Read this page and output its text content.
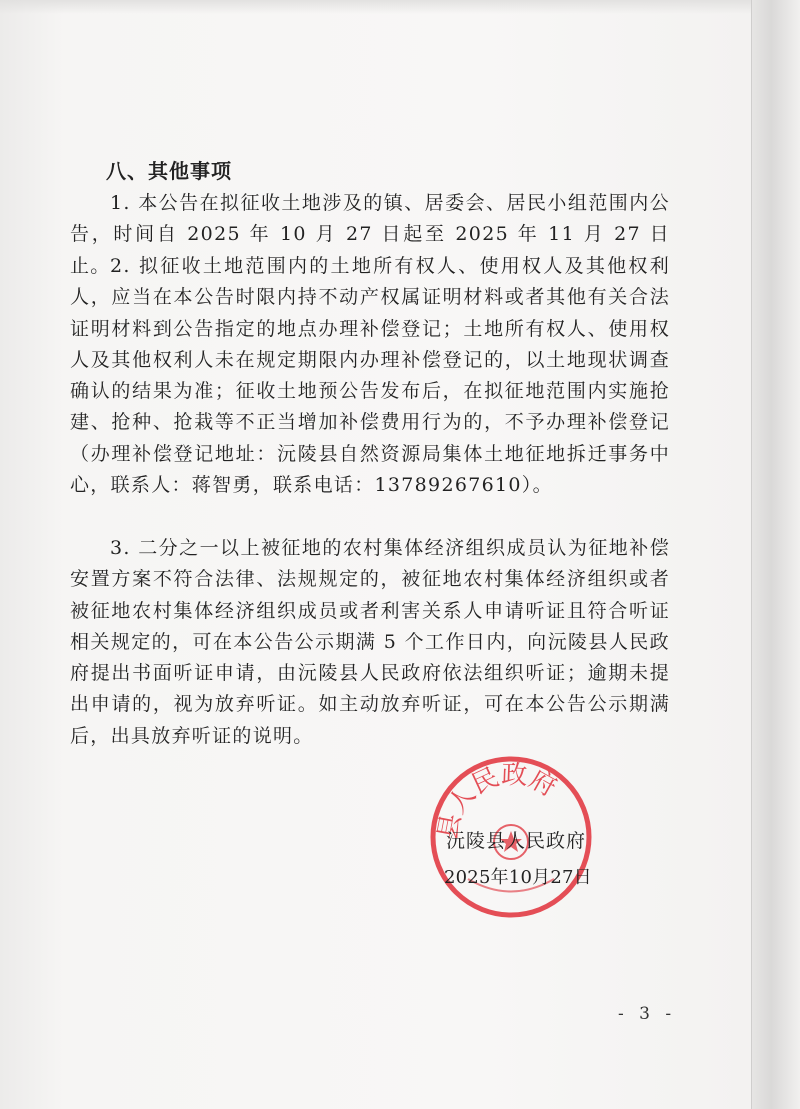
八、其他事项
1. 本公告在拟征收土地涉及的镇、居委会、居民小组范围内公告，时间自 2025 年 10 月 27 日起至 2025 年 11 月 27 日止。 2. 拟征收土地范围内的土地所有权人、使用权人及其他权利人，应当在本公告时限内持不动产权属证明材料或者其他有关合法证明材料到公告指定的地点办理补偿登记；土地所有权人、使用权人及其他权利人未在规定期限内办理补偿登记的，以土地现状调查确认的结果为准；征收土地预公告发布后，在拟征地范围内实施抢建、抢种、抢栽等不正当增加补偿费用行为的，不予办理补偿登记（办理补偿登记地址：沅陵县自然资源局集体土地征地拆迁事务中心，联系人：蒋智勇，联系电话：13789267610）。
3. 二分之一以上被征地的农村集体经济组织成员认为征地补偿安置方案不符合法律、法规规定的，被征地农村集体经济组织或者被征地农村集体经济组织成员或者利害关系人申请听证且符合听证相关规定的，可在本公告公示期满 5 个工作日内，向沅陵县人民政府提出书面听证申请，由沅陵县人民政府依法组织听证；逾期未提出申请的，视为放弃听证。如主动放弃听证，可在本公告公示期满后，出具放弃听证的说明。
县人民政府
沅陵县人民政府
2025年10月27日
- 3 -
